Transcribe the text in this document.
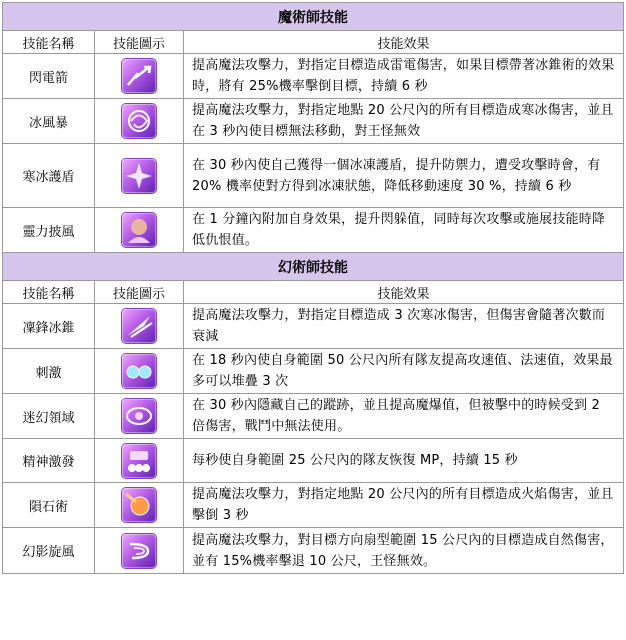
魔術師技能		
技能名稱	技能圖示	技能效果
閃電箭		提高魔法攻擊力，對指定目標造成雷電傷害，如果目標帶著冰錐術的效果時，將有 25%機率擊倒目標，持續 6 秒
冰風暴		提高魔法攻擊力，對指定地點 20 公尺內的所有目標造成寒冰傷害，並且在 3 秒內使目標無法移動，對王怪無效
寒冰護盾		在 30 秒內使自己獲得一個冰凍護盾，提升防禦力，遭受攻擊時會，有 20% 機率使對方得到冰凍狀態，降低移動速度 30 %，持續 6 秒
靈力披風		在 1 分鐘內附加自身效果，提升閃躲值，同時每次攻擊或施展技能時降低仇恨值。
幻術師技能		
技能名稱	技能圖示	技能效果
凜鋒冰錐		提高魔法攻擊力，對指定目標造成 3 次寒冰傷害，但傷害會隨著次數而衰減
刺激		在 18 秒內使自身範圍 50 公尺內所有隊友提高攻速值、法速值，效果最多可以堆疊 3 次
迷幻領域		在 30 秒內隱藏自己的蹤跡，並且提高魔爆值，但被擊中的時候受到 2 倍傷害，戰鬥中無法使用。
精神激發		每秒使自身範圍 25 公尺內的隊友恢復 MP，持續 15 秒
隕石術		提高魔法攻擊力，對指定地點 20 公尺內的所有目標造成火焰傷害，並且擊倒 3 秒
幻影旋風		提高魔法攻擊力，對目標方向扇型範圍 15 公尺內的目標造成自然傷害，並有 15%機率擊退 10 公尺，王怪無效。
